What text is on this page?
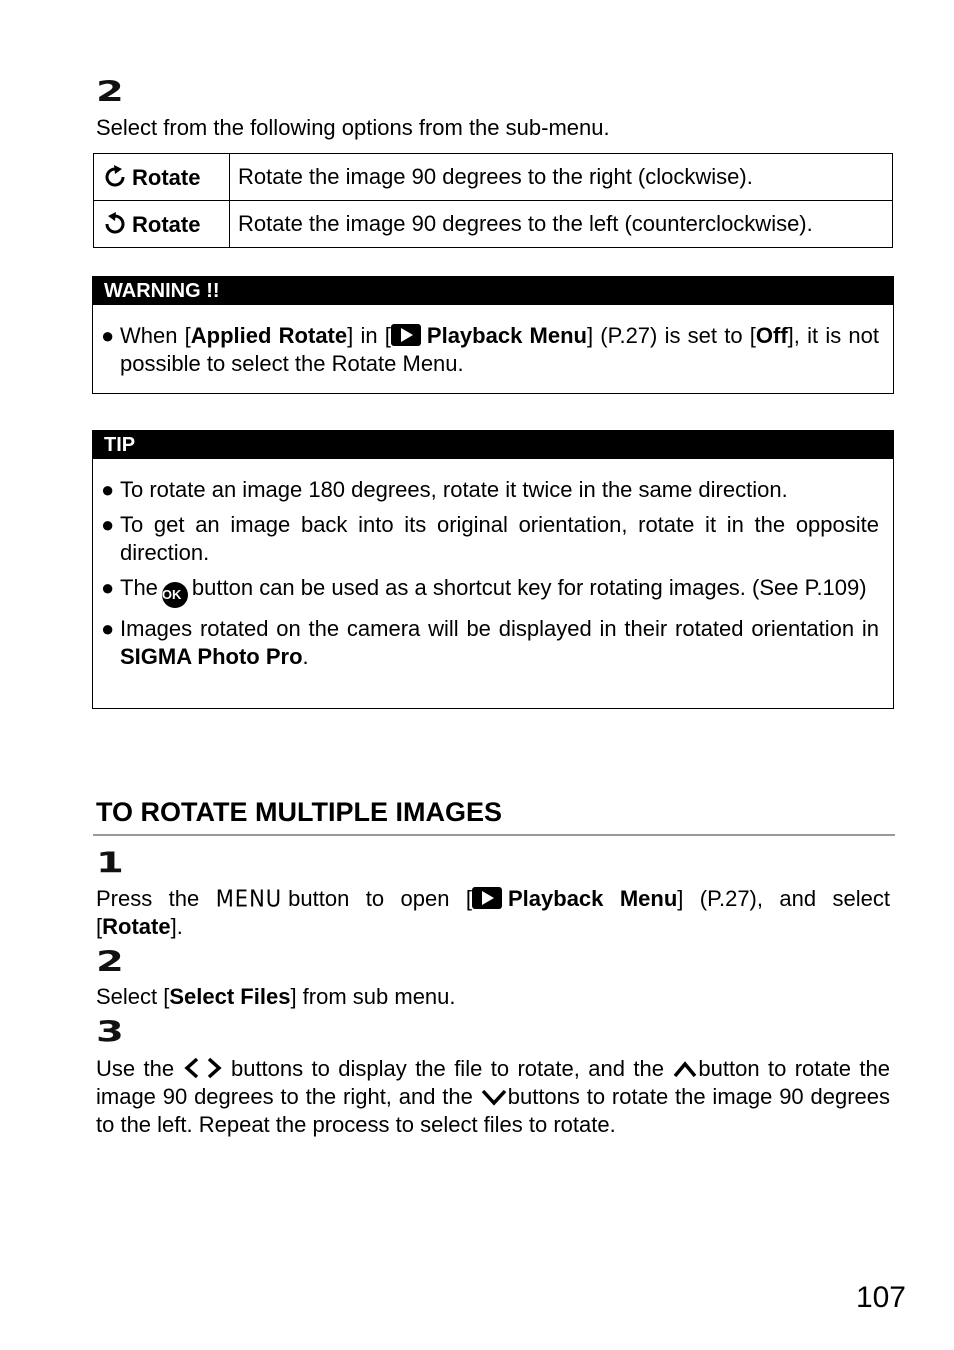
2
Select from the following options from the sub-menu.
Rotate	Rotate the image 90 degrees to the right (clockwise).
Rotate	Rotate the image 90 degrees to the left (counterclockwise).
WARNING !!
● When [Applied Rotate] in [ Playback Menu] (P.27) is set to [Off], it is not possible to select the Rotate Menu.
TIP
● To rotate an image 180 degrees, rotate it twice in the same direction.
● To get an image back into its original orientation, rotate it in the opposite direction.
● The OK button can be used as a shortcut key for rotating images. (See P.109)
● Images rotated on the camera will be displayed in their rotated orientation in SIGMA Photo Pro.
TO ROTATE MULTIPLE IMAGES
1
Press the MENU button to open [ Playback Menu] (P.27), and select [Rotate].
2
Select [Select Files] from sub menu.
3
Use the	buttons to display the file to rotate, and the button to rotate the image 90 degrees to the right, and the buttons to rotate the image 90 degrees to the left. Repeat the process to select files to rotate.
107
